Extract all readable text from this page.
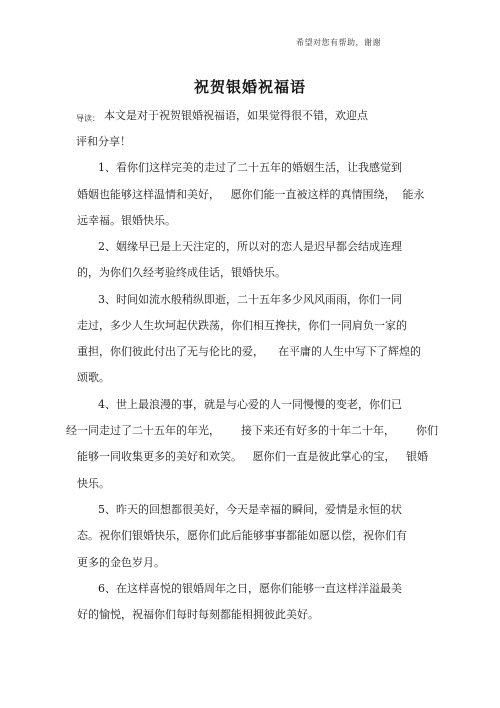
希望对您有帮助，谢谢
祝贺银婚祝福语
导读： 本文是对于祝贺银婚祝福语，如果觉得很不错，欢迎点
评和分享！
1、看你们这样完美的走过了二十五年的婚姻生活，让我感觉到
婚姻也能够这样温情和美好，   愿你们能一直被这样的真情围绕，  能永
远幸福。银婚快乐。
2、姻缘早已是上天注定的，所以对的恋人是迟早都会结成连理
的，为你们久经考验终成佳话，银婚快乐。
3、时间如流水般稍纵即逝，二十五年多少风风雨雨，你们一同
走过，多少人生坎坷起伏跌荡，你们相互搀扶，你们一同肩负一家的
重担，你们彼此付出了无与伦比的爱，    在平庸的人生中写下了辉煌的
颂歌。
4、世上最浪漫的事，就是与心爱的人一同慢慢的变老，你们已
经一同走过了二十五年的年光，      接下来还有好多的十年二十年，      你们
能够一同收集更多的美好和欢笑。   愿你们一直是彼此掌心的宝，   银婚
快乐。
5、昨天的回想都很美好，今天是幸福的瞬间，爱情是永恒的状
态。祝你们银婚快乐，愿你们此后能够事事都能如愿以偿，祝你们有
更多的金色岁月。
6、在这样喜悦的银婚周年之日，愿你们能够一直这样洋溢最美
好的愉悦，祝福你们每时每刻都能相拥彼此美好。
